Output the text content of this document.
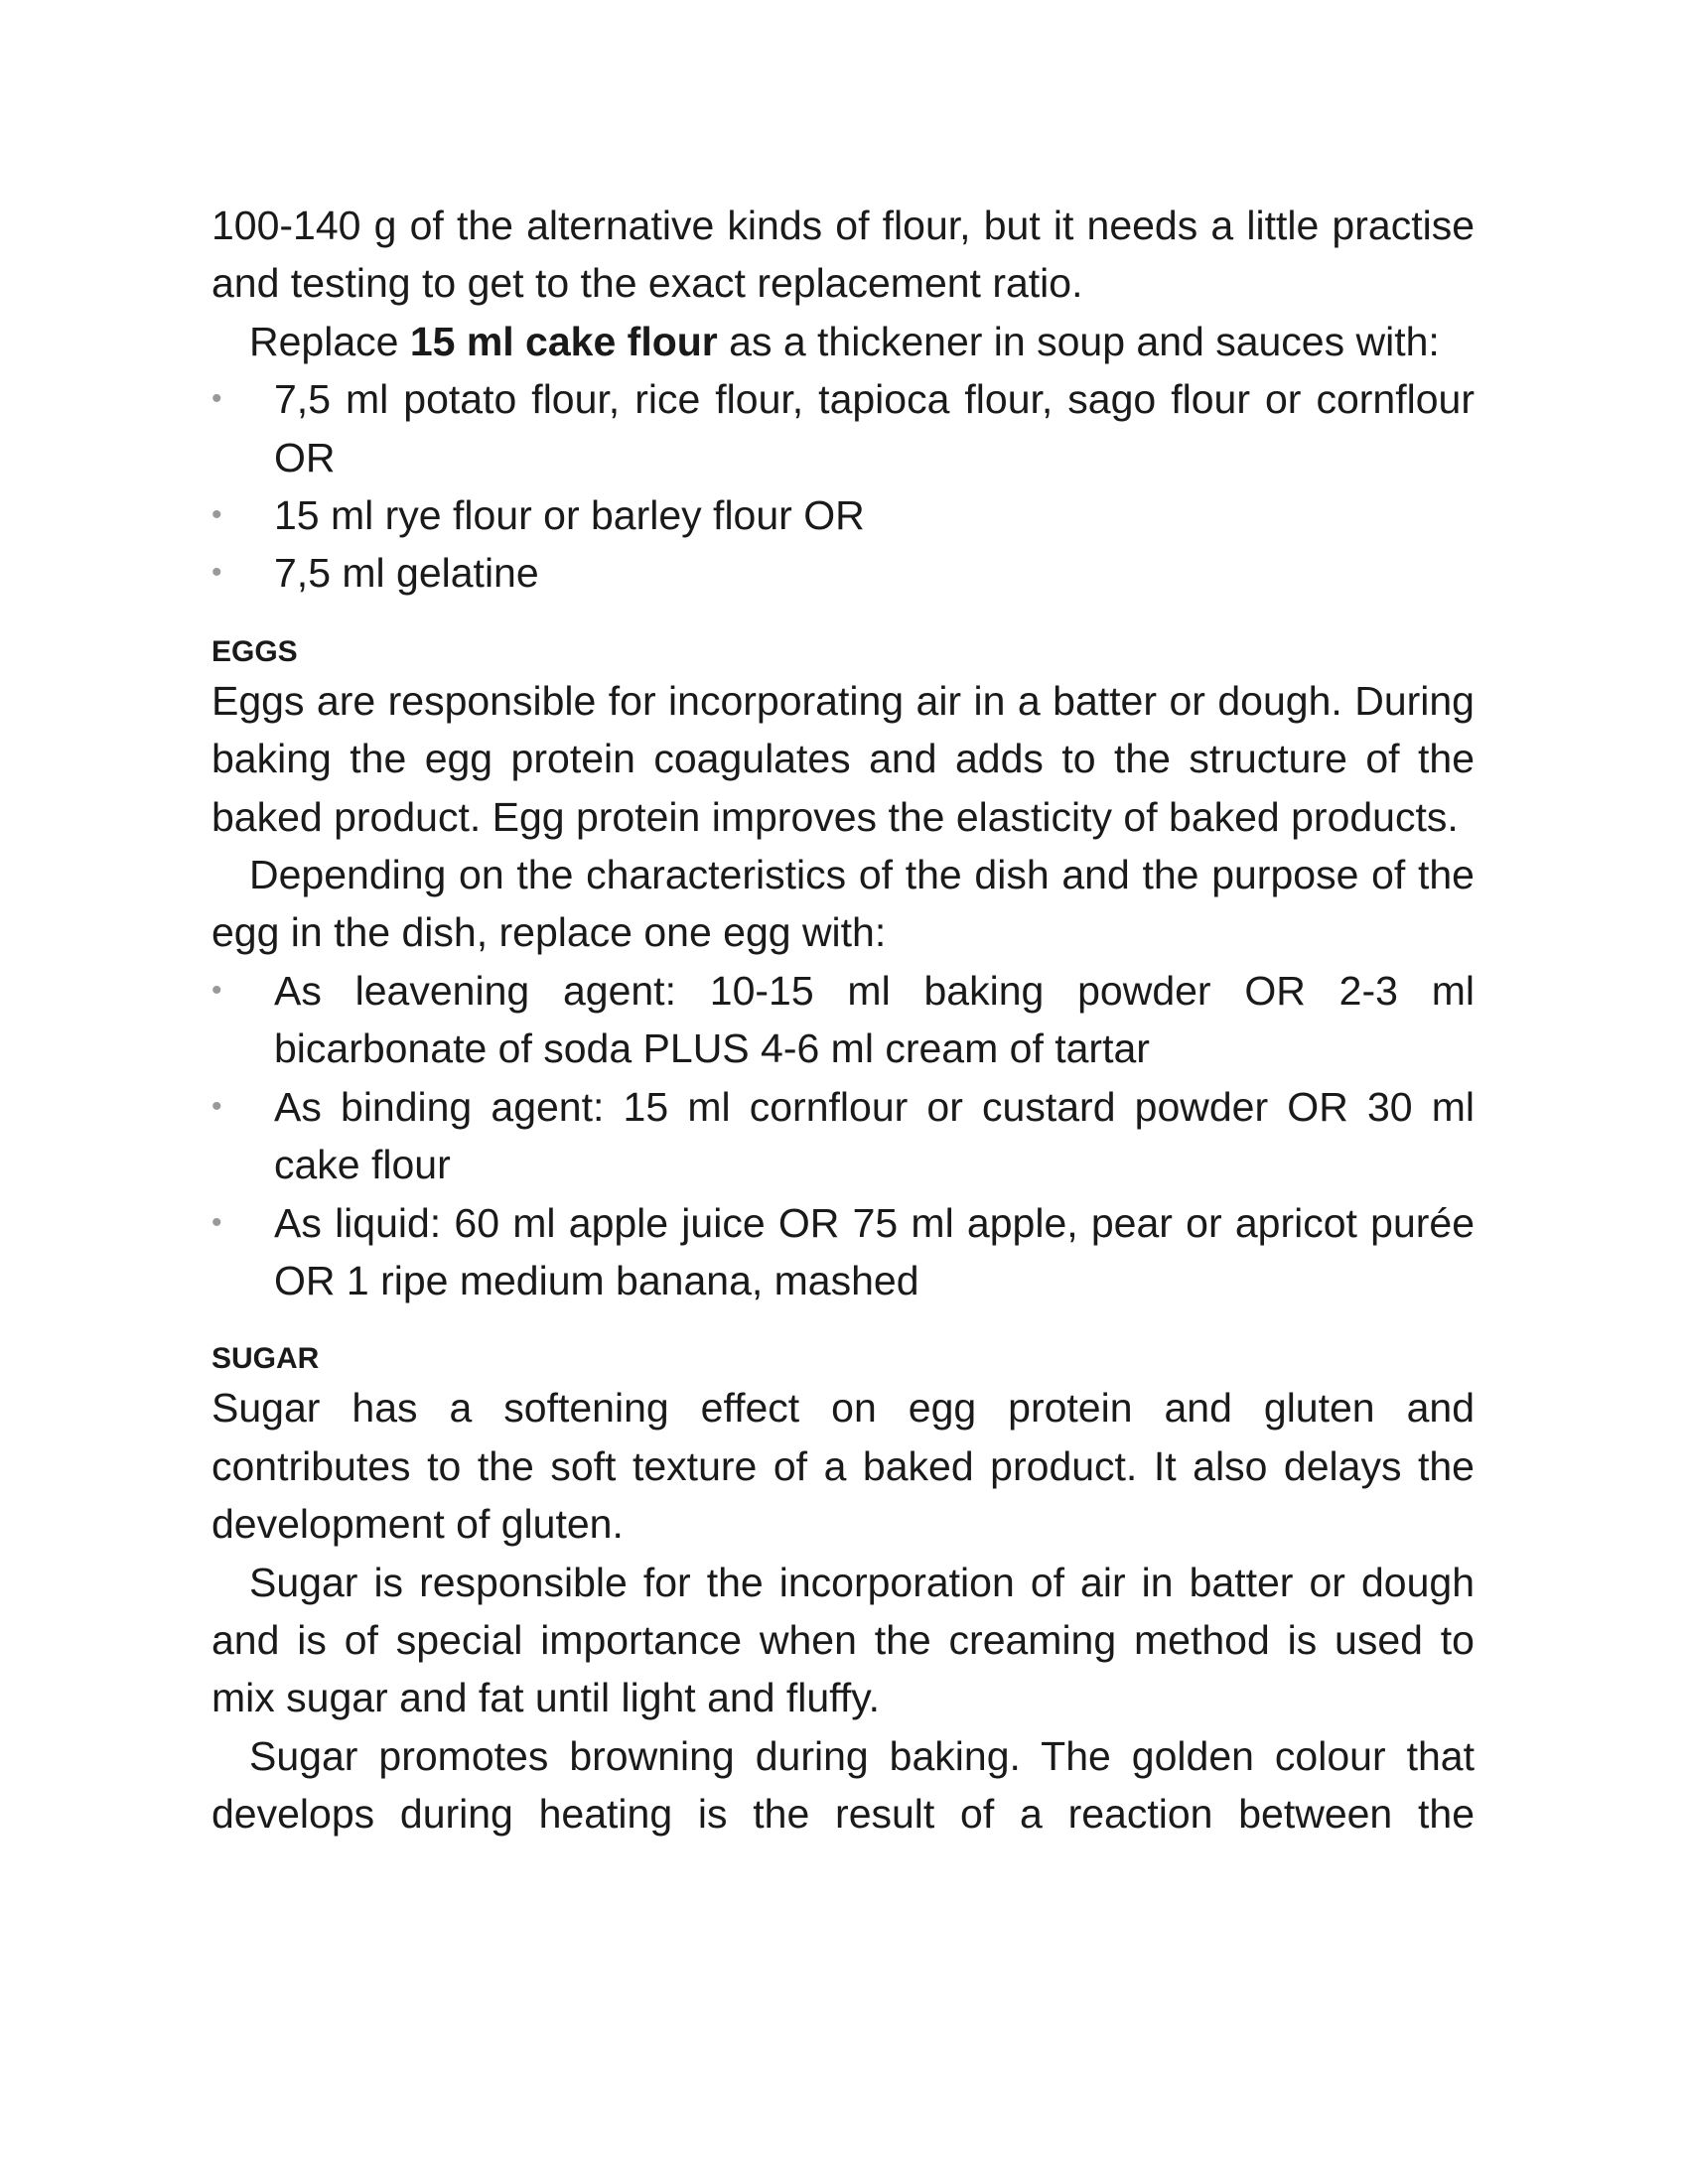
100-140 g of the alternative kinds of flour, but it needs a little practise and testing to get to the exact replacement ratio.

Replace 15 ml cake flour as a thickener in soup and sauces with:

• 7,5 ml potato flour, rice flour, tapioca flour, sago flour or cornflour OR
• 15 ml rye flour or barley flour OR
• 7,5 ml gelatine
EGGS

Eggs are responsible for incorporating air in a batter or dough. During baking the egg protein coagulates and adds to the structure of the baked product. Egg protein improves the elasticity of baked products.

Depending on the characteristics of the dish and the purpose of the egg in the dish, replace one egg with:

• As leavening agent: 10-15 ml baking powder OR 2-3 ml bicarbonate of soda PLUS 4-6 ml cream of tartar
• As binding agent: 15 ml cornflour or custard powder OR 30 ml cake flour
• As liquid: 60 ml apple juice OR 75 ml apple, pear or apricot purée OR 1 ripe medium banana, mashed
SUGAR

Sugar has a softening effect on egg protein and gluten and contributes to the soft texture of a baked product. It also delays the development of gluten.

Sugar is responsible for the incorporation of air in batter or dough and is of special importance when the creaming method is used to mix sugar and fat until light and fluffy.

Sugar promotes browning during baking. The golden colour that develops during heating is the result of a reaction between the
